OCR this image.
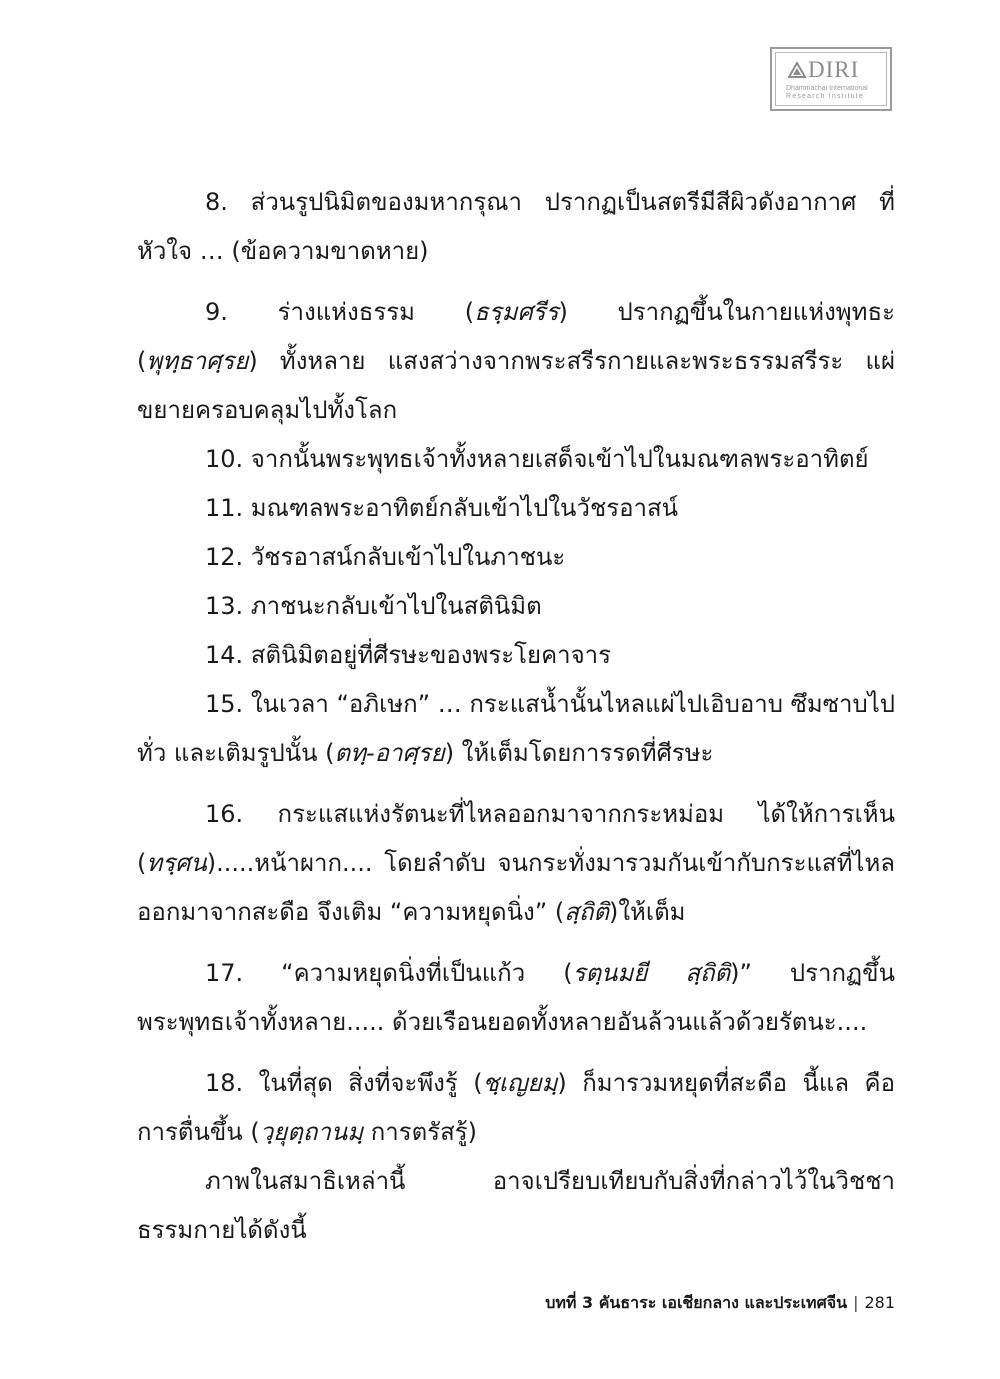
DIRI
Dhammachai International
Research Institute

8. ส่วนรูปนิมิตของมหากรุณา ปรากฏเป็นสตรีมีสีผิวดังอากาศ ที่หัวใจ … (ข้อความขาดหาย)

9. ร่างแห่งธรรม (ธรฺมศรีร) ปรากฏขึ้นในกายแห่งพุทธะ (พุทฺธาศฺรย) ทั้งหลาย แสงสว่างจากพระสรีรกายและพระธรรมสรีระ แผ่ขยายครอบคลุมไปทั้งโลก

10. จากนั้นพระพุทธเจ้าทั้งหลายเสด็จเข้าไปในมณฑลพระอาทิตย์

11. มณฑลพระอาทิตย์กลับเข้าไปในวัชรอาสน์

12. วัชรอาสน์กลับเข้าไปในภาชนะ

13. ภาชนะกลับเข้าไปในสตินิมิต

14. สตินิมิตอยู่ที่ศีรษะของพระโยคาจาร

15. ในเวลา “อภิเษก” … กระแสน้ำนั้นไหลแผ่ไปเอิบอาบ ซึมซาบไปทั่ว และเติมรูปนั้น (ตทฺ-อาศฺรย) ให้เต็มโดยการรดที่ศีรษะ

16. กระแสแห่งรัตนะที่ไหลออกมาจากกระหม่อม ได้ให้การเห็น (ทรฺศน).....หน้าผาก.... โดยลำดับ จนกระทั่งมารวมกันเข้ากับกระแสที่ไหลออกมาจากสะดือ จึงเติม “ความหยุดนิ่ง” (สฺถิติ)ให้เต็ม

17. “ความหยุดนิ่งที่เป็นแก้ว (รตฺนมยี สฺถิติ)” ปรากฏขึ้น พระพุทธเจ้าทั้งหลาย..... ด้วยเรือนยอดทั้งหลายอันล้วนแล้วด้วยรัตนะ....

18. ในที่สุด สิ่งที่จะพึงรู้ (ชฺเญยมฺ) ก็มารวมหยุดที่สะดือ นี้แล คือ การตื่นขึ้น (วฺยุตฺถานมฺ การตรัสรู้)

ภาพในสมาธิเหล่านี้ อาจเปรียบเทียบกับสิ่งที่กล่าวไว้ในวิชชาธรรมกายได้ดังนี้

บทที่ 3 คันธาระ เอเชียกลาง และประเทศจีน | 281
